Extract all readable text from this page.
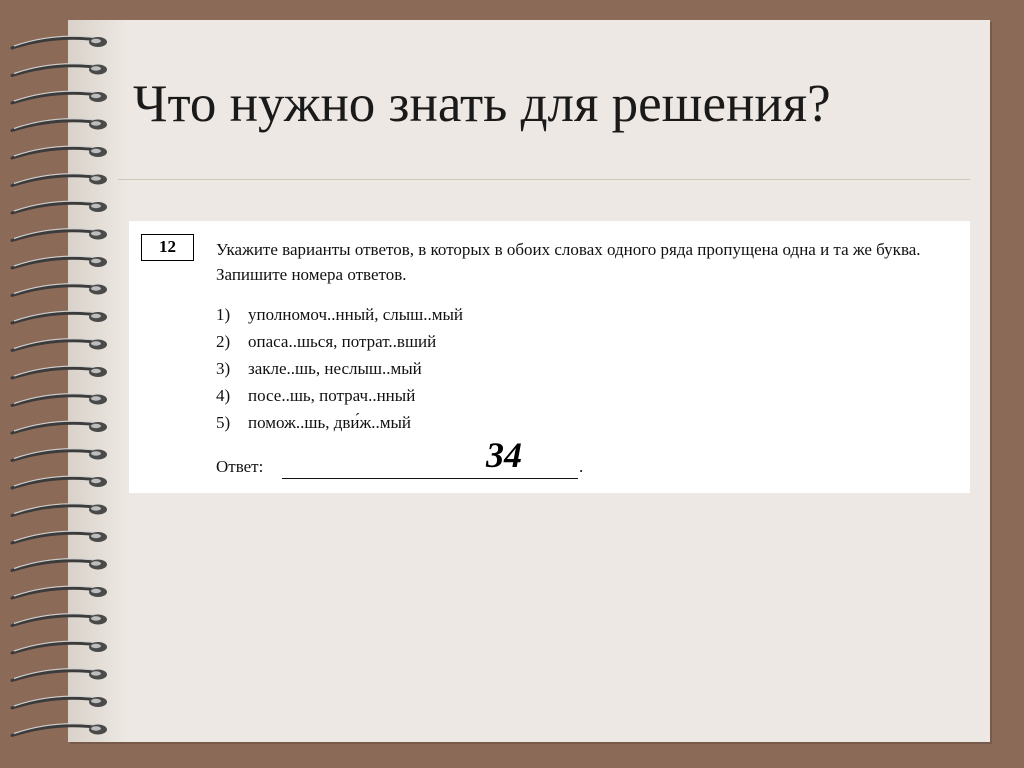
Что нужно знать для решения?
12	Укажите варианты ответов, в которых в обоих словах одного ряда пропущена одна и та же буква. Запишите номера ответов.
1) уполномоч..нный, слыш..мый
2) опаса..шься, потрат..вший
3) закле..шь, неслыш..мый
4) посе..шь, потрач..нный
5) помож..шь, дви́ж..мый
Ответ:	.
34
